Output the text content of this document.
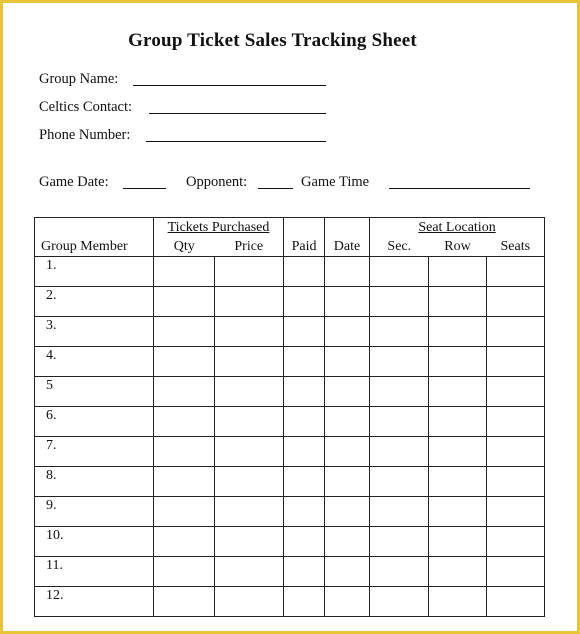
Group Ticket Sales Tracking Sheet
Group Name:
Celtics Contact:
Phone Number:
Game Date:	Opponent:	Game Time
Group Member	Tickets Purchased		Paid	Date	Seat Location		
	Qty	Price			Sec.	Row	Seats
1.							
2.							
3.							
4.							
5							
6.							
7.							
8.							
9.							
10.							
11.							
12.							
